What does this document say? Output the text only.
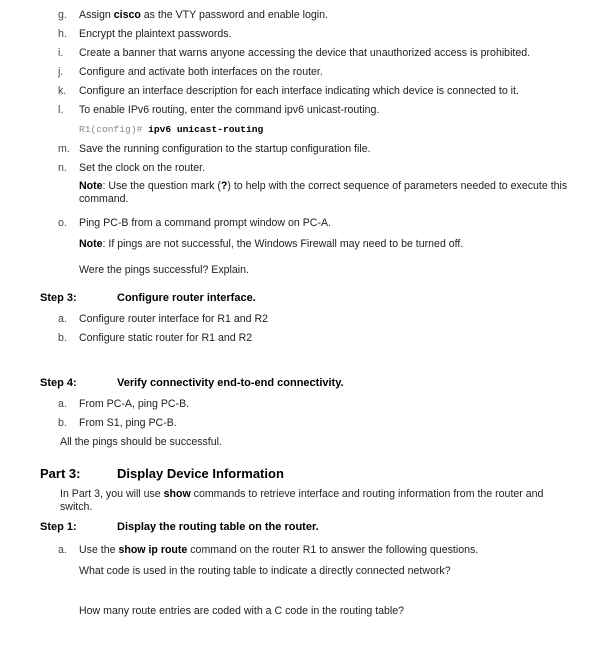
g. Assign cisco as the VTY password and enable login.
h. Encrypt the plaintext passwords.
i. Create a banner that warns anyone accessing the device that unauthorized access is prohibited.
j. Configure and activate both interfaces on the router.
k. Configure an interface description for each interface indicating which device is connected to it.
l. To enable IPv6 routing, enter the command ipv6 unicast-routing.
R1(config)# ipv6 unicast-routing
m. Save the running configuration to the startup configuration file.
n. Set the clock on the router.
Note: Use the question mark (?) to help with the correct sequence of parameters needed to execute this command.
o. Ping PC-B from a command prompt window on PC-A.
Note: If pings are not successful, the Windows Firewall may need to be turned off.
Were the pings successful? Explain.
Step 3:	Configure router interface.
a. Configure router interface for R1 and R2
b. Configure static router for R1 and R2
Step 4:	Verify connectivity end-to-end connectivity.
a. From PC-A, ping PC-B.
b. From S1, ping PC-B.
All the pings should be successful.
Part 3:	Display Device Information
In Part 3, you will use show commands to retrieve interface and routing information from the router and switch.
Step 1:	Display the routing table on the router.
a. Use the show ip route command on the router R1 to answer the following questions.
What code is used in the routing table to indicate a directly connected network?
How many route entries are coded with a C code in the routing table?
